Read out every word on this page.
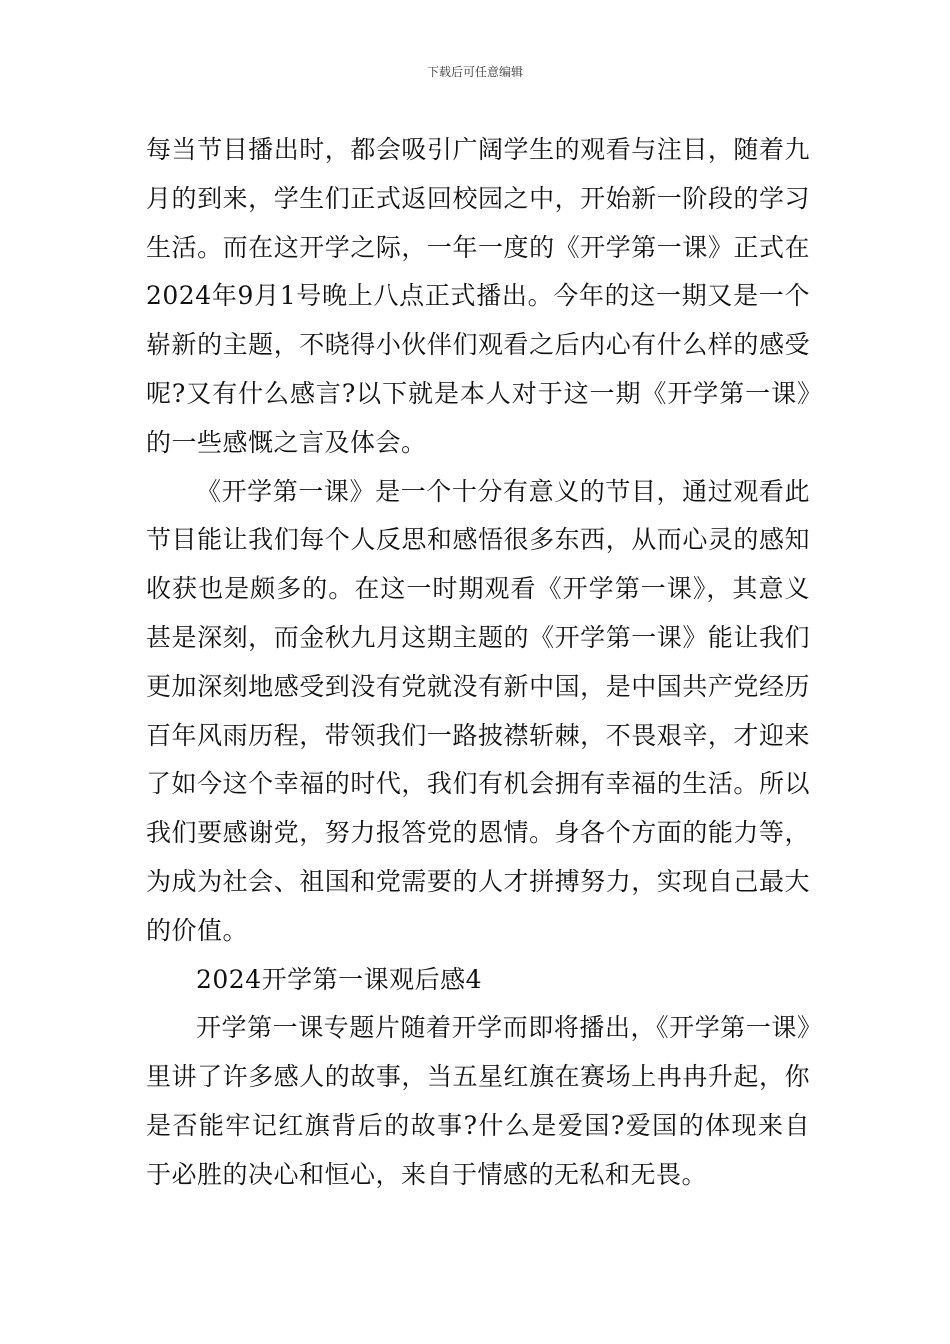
下载后可任意编辑

每当节目播出时，都会吸引广阔学生的观看与注目，随着九月的到来，学生们正式返回校园之中，开始新一阶段的学习生活。而在这开学之际，一年一度的《开学第一课》正式在2024年9月1号晚上八点正式播出。今年的这一期又是一个崭新的主题，不晓得小伙伴们观看之后内心有什么样的感受呢?又有什么感言?以下就是本人对于这一期《开学第一课》的一些感慨之言及体会。

《开学第一课》是一个十分有意义的节目，通过观看此节目能让我们每个人反思和感悟很多东西，从而心灵的感知收获也是颇多的。在这一时期观看《开学第一课》，其意义甚是深刻，而金秋九月这期主题的《开学第一课》能让我们更加深刻地感受到没有党就没有新中国，是中国共产党经历百年风雨历程，带领我们一路披襟斩棘，不畏艰辛，才迎来了如今这个幸福的时代，我们有机会拥有幸福的生活。所以我们要感谢党，努力报答党的恩情。身各个方面的能力等，为成为社会、祖国和党需要的人才拼搏努力，实现自己最大的价值。

2024开学第一课观后感4

开学第一课专题片随着开学而即将播出，《开学第一课》里讲了许多感人的故事，当五星红旗在赛场上冉冉升起，你是否能牢记红旗背后的故事?什么是爱国?爱国的体现来自于必胜的决心和恒心，来自于情感的无私和无畏。
